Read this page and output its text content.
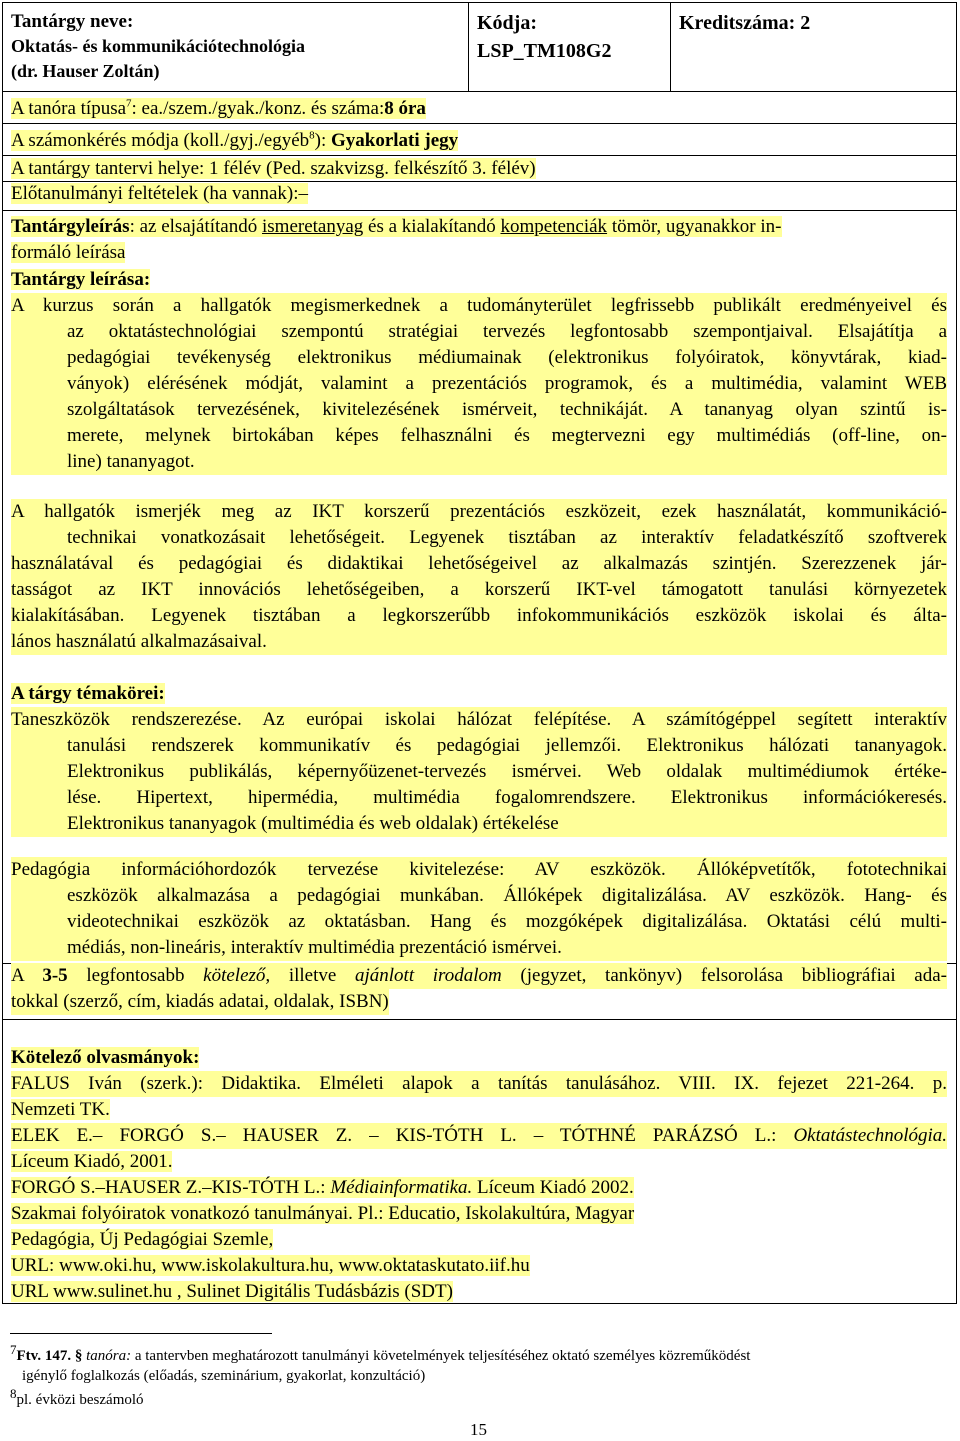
Tantárgy neve:
Oktatás- és kommunikációtechnológia
(dr. Hauser Zoltán)
Kódja:
LSP_TM108G2
Kreditszáma: 2
A tanóra típusa$^7$: ea./szem./gyak./konz. és száma:8 óra
A számonkérés módja (koll./gyj./egyéb$^8$): Gyakorlati jegy
A tantárgy tantervi helye: 1 félév (Ped. szakvizsg. felkészítő 3. félév)
Előtanulmányi feltételek (ha vannak):–
Tantárgyleírás: az elsajátítandó ismeretanyag és a kialakítandó kompetenciák tömör, ugyanakkor in-
formáló leírása
Tantárgy leírása:
A kurzus során a hallgatók megismerkednek a tudományterület legfrissebb publikált eredményeivel és
az oktatástechnológiai szempontú stratégiai tervezés legfontosabb szempontjaival. Elsajátítja a
pedagógiai tevékenység elektronikus médiumainak (elektronikus folyóiratok, könyvtárak, kiad-
ványok) elérésének módját, valamint a prezentációs programok, és a multimédia, valamint WEB
szolgáltatások tervezésének, kivitelezésének ismérveit, technikáját. A tananyag olyan szintű is-
merete, melynek birtokában képes felhasználni és megtervezni egy multimédiás (off-line, on-
line) tananyagot.
A hallgatók ismerjék meg az IKT korszerű prezentációs eszközeit, ezek használatát, kommunikáció-
technikai vonatkozásait lehetőségeit. Legyenek tisztában az interaktív feladatkészítő szoftverek
használatával és pedagógiai és didaktikai lehetőségeivel az alkalmazás szintjén. Szerezzenek jár-
tasságot az IKT innovációs lehetőségeiben, a korszerű IKT-vel támogatott tanulási környezetek
kialakításában. Legyenek tisztában a legkorszerűbb infokommunikációs eszközök iskolai és álta-
lános használatú alkalmazásaival.
A tárgy témakörei:
Taneszközök rendszerezése. Az európai iskolai hálózat felépítése. A számítógéppel segített interaktív
tanulási rendszerek kommunikatív és pedagógiai jellemzői. Elektronikus hálózati tananyagok.
Elektronikus publikálás, képernyőüzenet-tervezés ismérvei. Web oldalak multimédiumok értéke-
lése. Hipertext, hipermédia, multimédia fogalomrendszere. Elektronikus információkeresés.
Elektronikus tananyagok (multimédia és web oldalak) értékelése
Pedagógia információhordozók tervezése kivitelezése: AV eszközök. Állóképvetítők, fototechnikai
eszközök alkalmazása a pedagógiai munkában. Állóképek digitalizálása. AV eszközök. Hang- és
videotechnikai eszközök az oktatásban. Hang és mozgóképek digitalizálása. Oktatási célú multi-
médiás, non-lineáris, interaktív multimédia prezentáció ismérvei.
A 3-5 legfontosabb kötelező, illetve ajánlott irodalom (jegyzet, tankönyv) felsorolása bibliográfiai ada-
tokkal (szerző, cím, kiadás adatai, oldalak, ISBN)
Kötelező olvasmányok:
FALUS Iván (szerk.): Didaktika. Elméleti alapok a tanítás tanulásához. VIII. IX. fejezet 221-264. p.
Nemzeti TK.
ELEK E.– FORGÓ S.– HAUSER Z. – KIS-TÓTH L. – TÓTHNÉ PARÁZSÓ L.: Oktatástechnológia.
Líceum Kiadó, 2001.
FORGÓ S.–HAUSER Z.–KIS-TÓTH L.: Médiainformatika. Líceum Kiadó 2002.
Szakmai folyóiratok vonatkozó tanulmányai. Pl.: Educatio, Iskolakultúra, Magyar
Pedagógia, Új Pedagógiai Szemle,
URL: www.oki.hu, www.iskolakultura.hu, www.oktataskutato.iif.hu
URL www.sulinet.hu , Sulinet Digitális Tudásbázis (SDT)
7Ftv. 147. § tanóra: a tantervben meghatározott tanulmányi követelmények teljesítéséhez oktató személyes közreműködést
igénylő foglalkozás (előadás, szeminárium, gyakorlat, konzultáció)
8pl. évközi beszámoló
15
